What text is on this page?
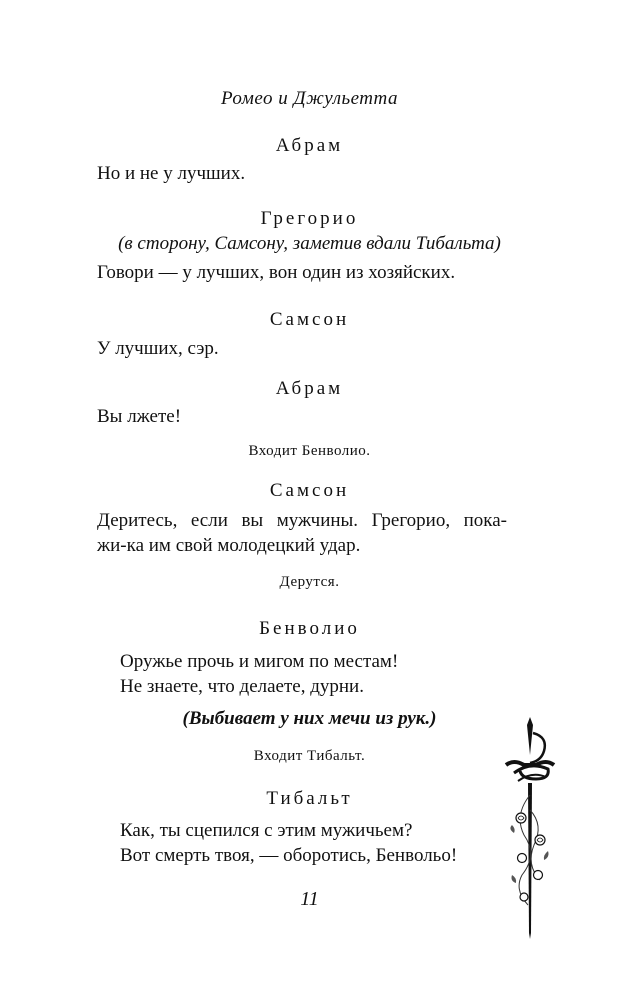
Ромео и Джульетта
Абрам
Но и не у лучших.
Грегорио
(в сторону, Самсону, заметив вдали Тибальта)
Говори — у лучших, вон один из хозяйских.
Самсон
У лучших, сэр.
Абрам
Вы лжете!
Входит Бенволио.
Самсон
Деритесь, если вы мужчины. Грегорио, пока-
жи-ка им свой молодецкий удар.
Дерутся.
Бенволио
Оружье прочь и мигом по местам!
Не знаете, что делаете, дурни.
(Выбивает у них мечи из рук.)
Входит Тибальт.
Тибальт
Как, ты сцепился с этим мужичьем?
Вот смерть твоя, — оборотись, Бенвольо!
11
